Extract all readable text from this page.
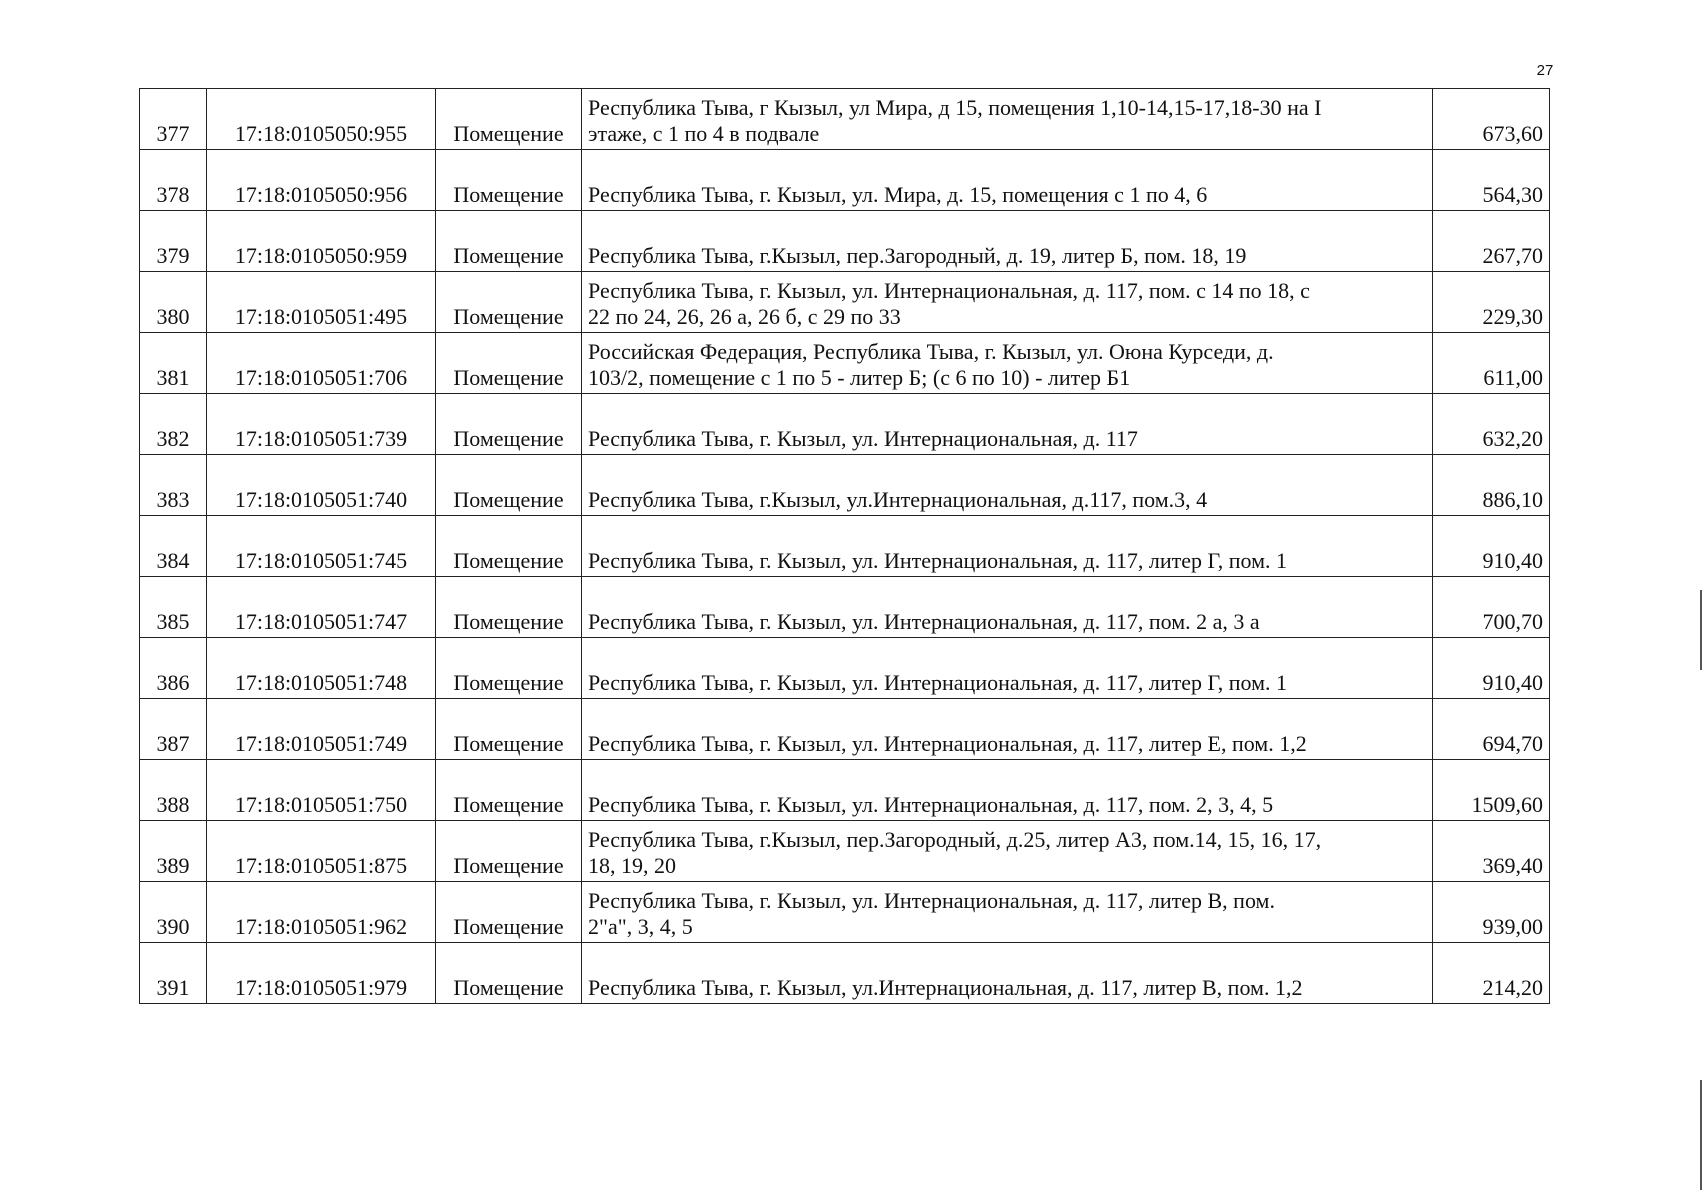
27
377	17:18:0105050:955	Помещение	Республика Тыва, г Кызыл, ул Мира, д 15, помещения 1,10-14,15-17,18-30 на I
этаже, с 1 по 4 в подвале	673,60
378	17:18:0105050:956	Помещение	Республика Тыва, г. Кызыл, ул. Мира, д. 15, помещения с 1 по 4, 6	564,30
379	17:18:0105050:959	Помещение	Республика Тыва, г.Кызыл, пер.Загородный, д. 19, литер Б, пом. 18, 19	267,70
380	17:18:0105051:495	Помещение	Республика Тыва, г. Кызыл, ул. Интернациональная, д. 117, пом. с 14 по 18, с
22 по 24, 26, 26 а, 26 б, с 29 по 33	229,30
381	17:18:0105051:706	Помещение	Российская Федерация, Республика Тыва, г. Кызыл, ул. Оюна Курседи, д.
103/2, помещение с 1 по 5 - литер Б; (с 6 по 10) - литер Б1	611,00
382	17:18:0105051:739	Помещение	Республика Тыва, г. Кызыл, ул. Интернациональная, д. 117	632,20
383	17:18:0105051:740	Помещение	Республика Тыва, г.Кызыл, ул.Интернациональная, д.117, пом.3, 4	886,10
384	17:18:0105051:745	Помещение	Республика Тыва, г. Кызыл, ул. Интернациональная, д. 117, литер Г, пом. 1	910,40
385	17:18:0105051:747	Помещение	Республика Тыва, г. Кызыл, ул. Интернациональная, д. 117, пом. 2 а, 3 а	700,70
386	17:18:0105051:748	Помещение	Республика Тыва, г. Кызыл, ул. Интернациональная, д. 117, литер Г, пом. 1	910,40
387	17:18:0105051:749	Помещение	Республика Тыва, г. Кызыл, ул. Интернациональная, д. 117, литер Е, пом. 1,2	694,70
388	17:18:0105051:750	Помещение	Республика Тыва, г. Кызыл, ул. Интернациональная, д. 117, пом. 2, 3, 4, 5	1509,60
389	17:18:0105051:875	Помещение	Республика Тыва, г.Кызыл, пер.Загородный, д.25, литер А3, пом.14, 15, 16, 17,
18, 19, 20	369,40
390	17:18:0105051:962	Помещение	Республика Тыва, г. Кызыл, ул. Интернациональная, д. 117, литер В, пом.
2"а", 3, 4, 5	939,00
391	17:18:0105051:979	Помещение	Республика Тыва, г. Кызыл, ул.Интернациональная, д. 117, литер В, пом. 1,2	214,20
